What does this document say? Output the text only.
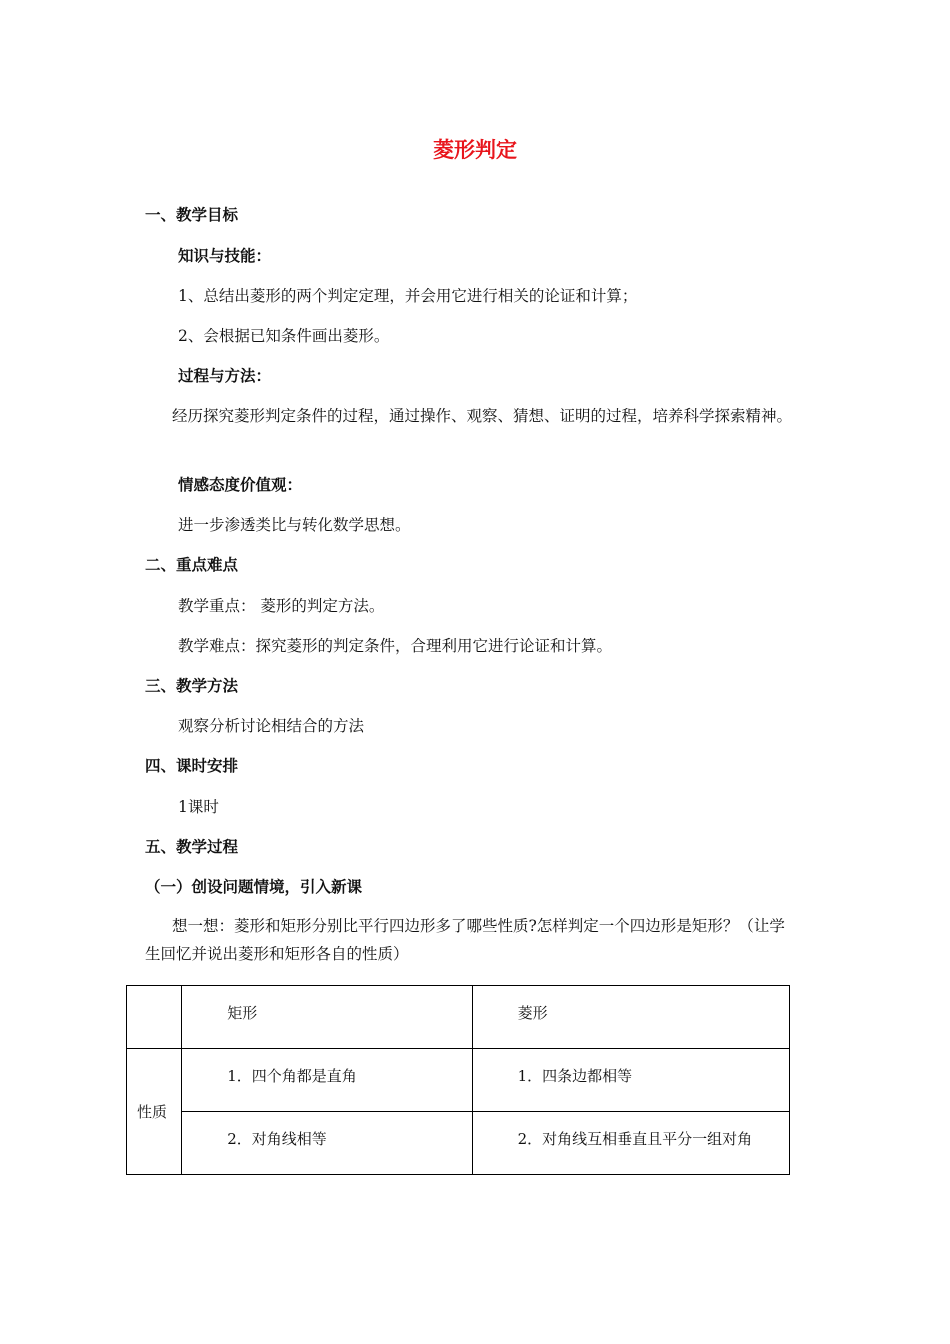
菱形判定
一、教学目标
知识与技能：
1、总结出菱形的两个判定定理，并会用它进行相关的论证和计算；
2、会根据已知条件画出菱形。
过程与方法：
经历探究菱形判定条件的过程，通过操作、观察、猜想、证明的过程，培养科学探索精神。
情感态度价值观：
进一步渗透类比与转化数学思想。
二、重点难点
教学重点： 菱形的判定方法。
教学难点：探究菱形的判定条件，合理利用它进行论证和计算。
三、教学方法
观察分析讨论相结合的方法
四、课时安排
1课时
五、教学过程
（一）创设问题情境，引入新课
想一想：菱形和矩形分别比平行四边形多了哪些性质?怎样判定一个四边形是矩形？（让学生回忆并说出菱形和矩形各自的性质）
	矩形	菱形
性质	1．四个角都是直角	1．四条边都相等
	2．对角线相等	2．对角线互相垂直且平分一组对角
